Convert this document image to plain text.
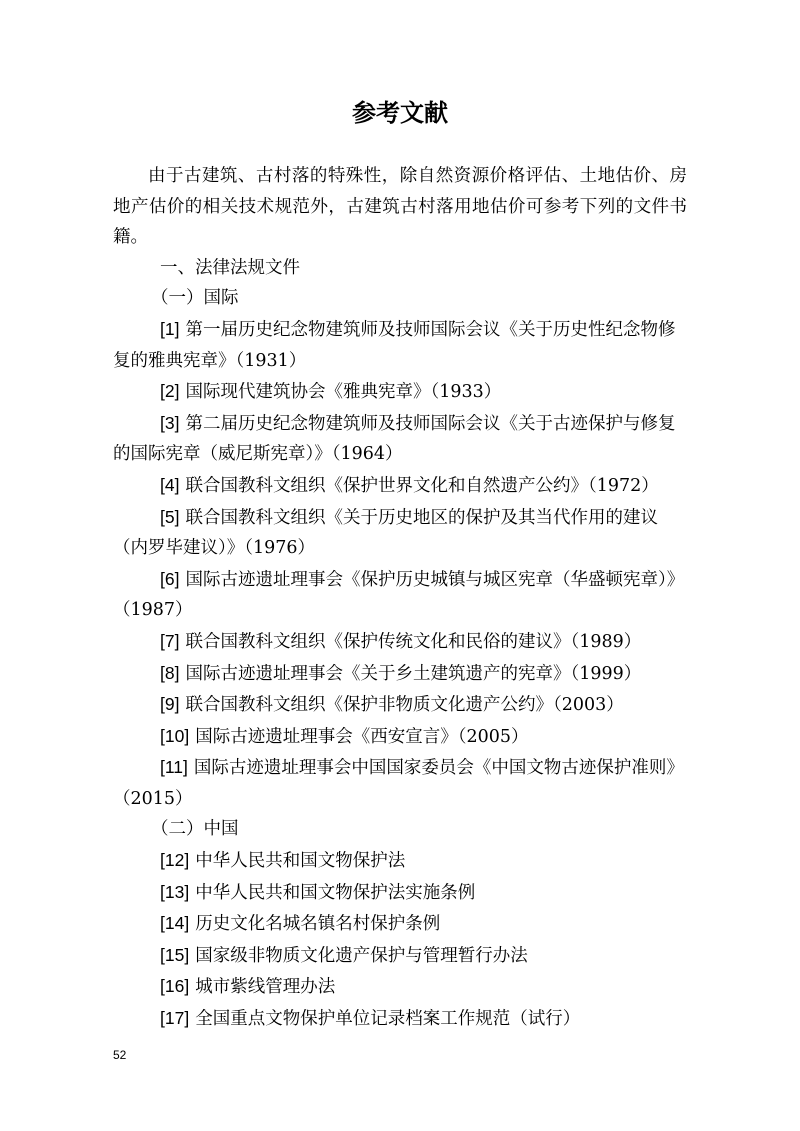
参考文献

由于古建筑、古村落的特殊性，除自然资源价格评估、土地估价、房地产估价的相关技术规范外，古建筑古村落用地估价可参考下列的文件书籍。

一、法律法规文件

（一）国际

[1] 第一届历史纪念物建筑师及技师国际会议《关于历史性纪念物修复的雅典宪章》（1931）

[2] 国际现代建筑协会《雅典宪章》（1933）

[3] 第二届历史纪念物建筑师及技师国际会议《关于古迹保护与修复的国际宪章（威尼斯宪章）》（1964）

[4] 联合国教科文组织《保护世界文化和自然遗产公约》（1972）

[5] 联合国教科文组织《关于历史地区的保护及其当代作用的建议（内罗毕建议）》（1976）

[6] 国际古迹遗址理事会《保护历史城镇与城区宪章（华盛顿宪章）》（1987）

[7] 联合国教科文组织《保护传统文化和民俗的建议》（1989）

[8] 国际古迹遗址理事会《关于乡土建筑遗产的宪章》（1999）

[9] 联合国教科文组织《保护非物质文化遗产公约》（2003）

[10] 国际古迹遗址理事会《西安宣言》（2005）

[11] 国际古迹遗址理事会中国国家委员会《中国文物古迹保护准则》（2015）

（二）中国

[12] 中华人民共和国文物保护法

[13] 中华人民共和国文物保护法实施条例

[14] 历史文化名城名镇名村保护条例

[15] 国家级非物质文化遗产保护与管理暂行办法

[16] 城市紫线管理办法

[17] 全国重点文物保护单位记录档案工作规范（试行）

52
